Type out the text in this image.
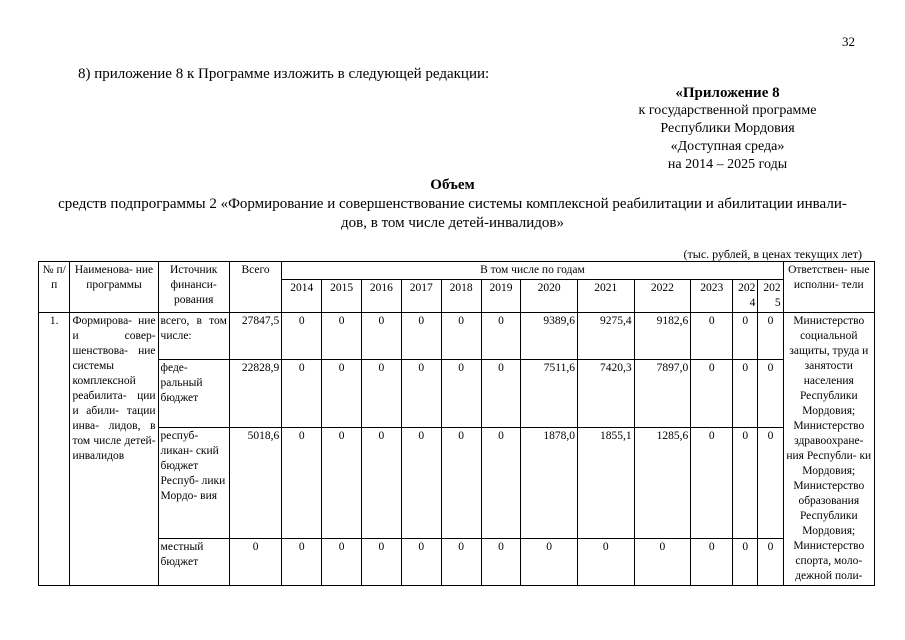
32
8) приложение 8 к Программе изложить в следующей редакции:
«Приложение 8
к государственной программе
Республики Мордовия
«Доступная среда»
на 2014 – 2025 годы
Объем
средств подпрограммы 2 «Формирование и совершенствование системы комплексной реабилитации и абилитации инвали-
дов, в том числе детей-инвалидов»
(тыс. рублей, в ценах текущих лет)
№ п/п	Наименова- ние программы	Источник финанси- рования	Всего	В том числе по годам												Ответствен- ные исполни- тели
				2014	2015	2016	2017	2018	2019	2020	2021	2022	2023	202 4	202 5	
1.	Формирова- ние и совер- шенствова- ние системы комплексной реабилита- ции и абили- тации инва- лидов, в том числе детей- инвалидов	всего, в том числе:	27847,5	0	0	0	0	0	0	9389,6	9275,4	9182,6	0	0	0	Министерство социальной защиты, труда и занятости населения Республики Мордовия; Министерство здравоохране- ния Республи- ки Мордовия; Министерство образования Республики Мордовия; Министерство спорта, моло- дежной поли-
		феде- ральный бюджет	22828,9	0	0	0	0	0	0	7511,6	7420,3	7897,0	0	0	0	
		респуб- ликан- ский бюджет Респуб- лики Мордо- вия	5018,6	0	0	0	0	0	0	1878,0	1855,1	1285,6	0	0	0	
		местный бюджет	0	0	0	0	0	0	0	0	0	0	0	0	0	
